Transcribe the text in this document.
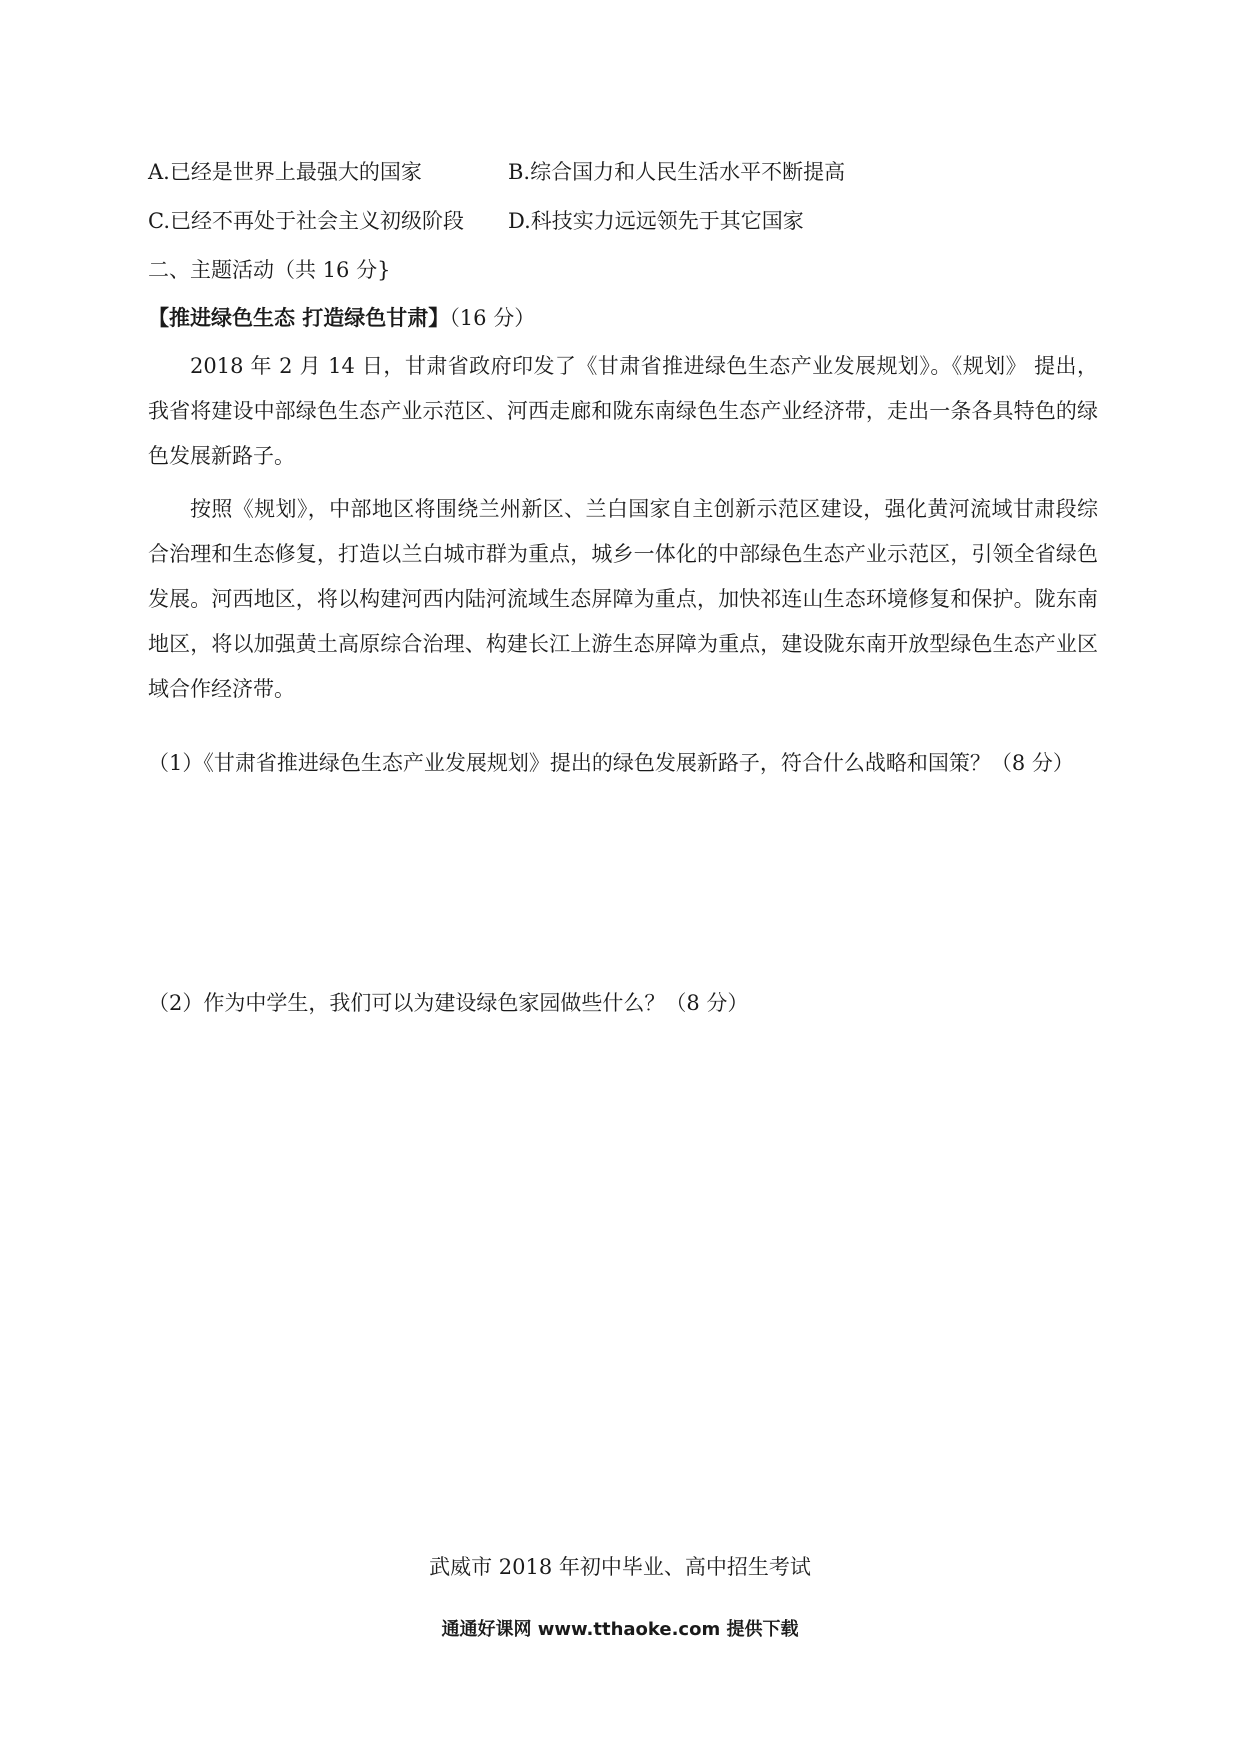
A.已经是世界上最强大的国家	B.综合国力和人民生活水平不断提高
C.已经不再处于社会主义初级阶段 D.科技实力远远领先于其它国家
二、主题活动（共 16 分}
【推进绿色生态 打造绿色甘肃】（16 分）

2018 年 2 月 14 日，甘肃省政府印发了《甘肃省推进绿色生态产业发展规划》。《规划》 提出，我省将建设中部绿色生态产业示范区、河西走廊和陇东南绿色生态产业经济带，走出一条各具特色的绿色发展新路子。

按照《规划》，中部地区将围绕兰州新区、兰白国家自主创新示范区建设，强化黄河流域甘肃段综合治理和生态修复，打造以兰白城市群为重点，城乡一体化的中部绿色生态产业示范区，引领全省绿色发展。河西地区，将以构建河西内陆河流域生态屏障为重点，加快祁连山生态环境修复和保护。陇东南地区，将以加强黄土高原综合治理、构建长江上游生态屏障为重点，建设陇东南开放型绿色生态产业区域合作经济带。

（1）《甘肃省推进绿色生态产业发展规划》提出的绿色发展新路子，符合什么战略和国策？（8 分）
（2）作为中学生，我们可以为建设绿色家园做些什么？（8 分）
武威市 2018 年初中毕业、高中招生考试
通通好课网 www.tthaoke.com 提供下载
